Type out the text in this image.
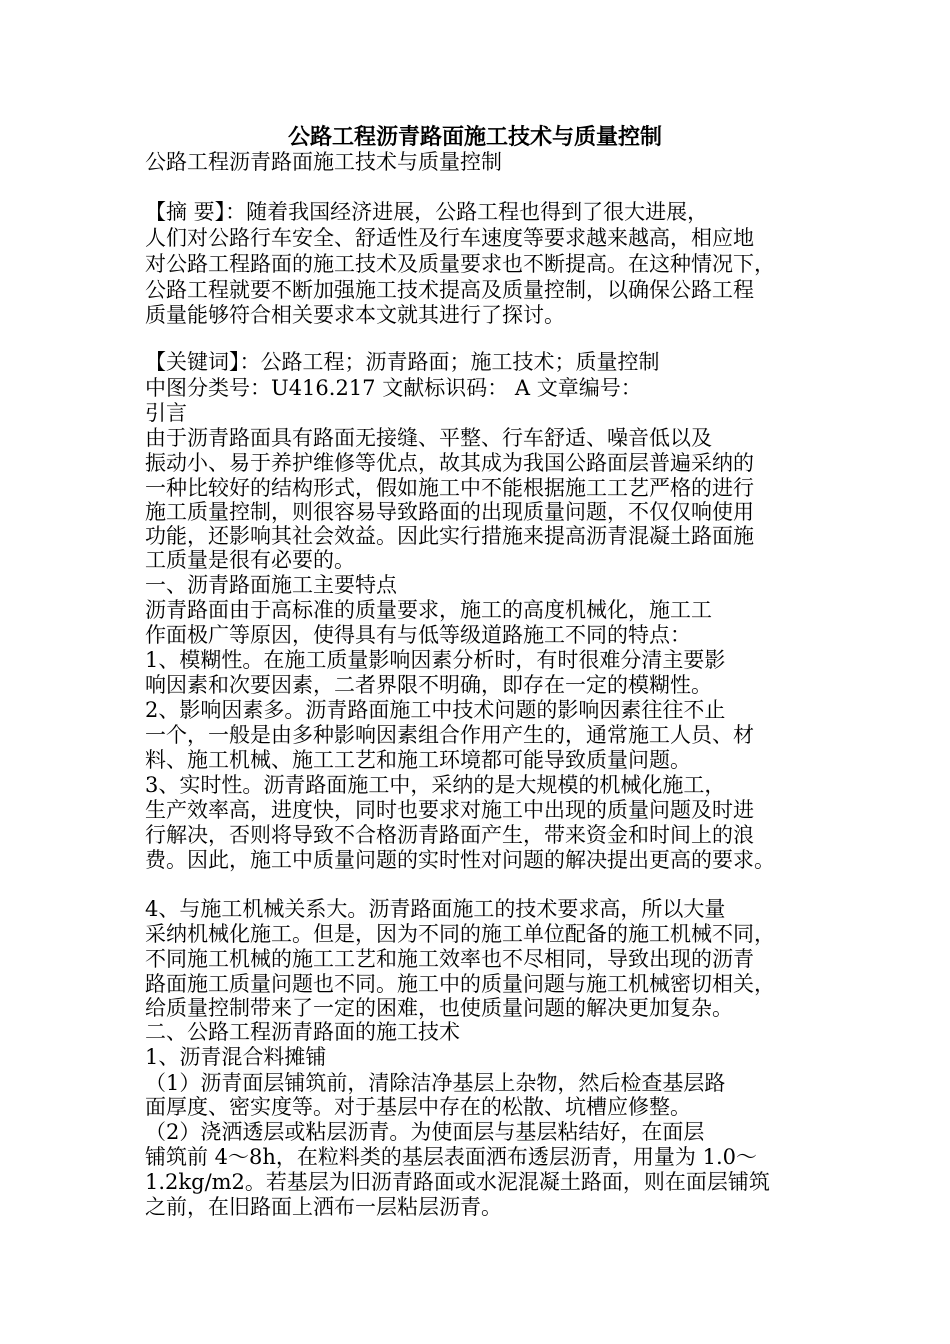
公路工程沥青路面施工技术与质量控制
公路工程沥青路面施工技术与质量控制
【摘 要】：随着我国经济进展，公路工程也得到了很大进展，
人们对公路行车安全、舒适性及行车速度等要求越来越高，相应地
对公路工程路面的施工技术及质量要求也不断提高。在这种情况下，
公路工程就要不断加强施工技术提高及质量控制，以确保公路工程
质量能够符合相关要求本文就其进行了探讨。
【关键词】：公路工程；沥青路面；施工技术；质量控制
中图分类号：U416.217 文献标识码： A 文章编号：
引言
由于沥青路面具有路面无接缝、平整、行车舒适、噪音低以及
振动小、易于养护维修等优点，故其成为我国公路面层普遍采纳的
一种比较好的结构形式，假如施工中不能根据施工工艺严格的进行
施工质量控制，则很容易导致路面的出现质量问题，不仅仅响使用
功能，还影响其社会效益。因此实行措施来提高沥青混凝土路面施
工质量是很有必要的。
一、沥青路面施工主要特点
沥青路面由于高标准的质量要求，施工的高度机械化，施工工
作面极广等原因，使得具有与低等级道路施工不同的特点：
1、模糊性。在施工质量影响因素分析时，有时很难分清主要影
响因素和次要因素，二者界限不明确，即存在一定的模糊性。
2、影响因素多。沥青路面施工中技术问题的影响因素往往不止
一个，一般是由多种影响因素组合作用产生的，通常施工人员、材
料、施工机械、施工工艺和施工环境都可能导致质量问题。
3、实时性。沥青路面施工中，采纳的是大规模的机械化施工，
生产效率高，进度快，同时也要求对施工中出现的质量问题及时进
行解决，否则将导致不合格沥青路面产生，带来资金和时间上的浪
费。因此，施工中质量问题的实时性对问题的解决提出更高的要求。
4、与施工机械关系大。沥青路面施工的技术要求高，所以大量
采纳机械化施工。但是，因为不同的施工单位配备的施工机械不同，
不同施工机械的施工工艺和施工效率也不尽相同，导致出现的沥青
路面施工质量问题也不同。施工中的质量问题与施工机械密切相关，
给质量控制带来了一定的困难，也使质量问题的解决更加复杂。
二、公路工程沥青路面的施工技术
1、沥青混合料摊铺
（1）沥青面层铺筑前，清除洁净基层上杂物，然后检查基层路
面厚度、密实度等。对于基层中存在的松散、坑槽应修整。
（2）浇洒透层或粘层沥青。为使面层与基层粘结好，在面层
铺筑前 4～8h，在粒料类的基层表面洒布透层沥青，用量为 1.0～
1.2kg/m2。若基层为旧沥青路面或水泥混凝土路面，则在面层铺筑
之前，在旧路面上洒布一层粘层沥青。
